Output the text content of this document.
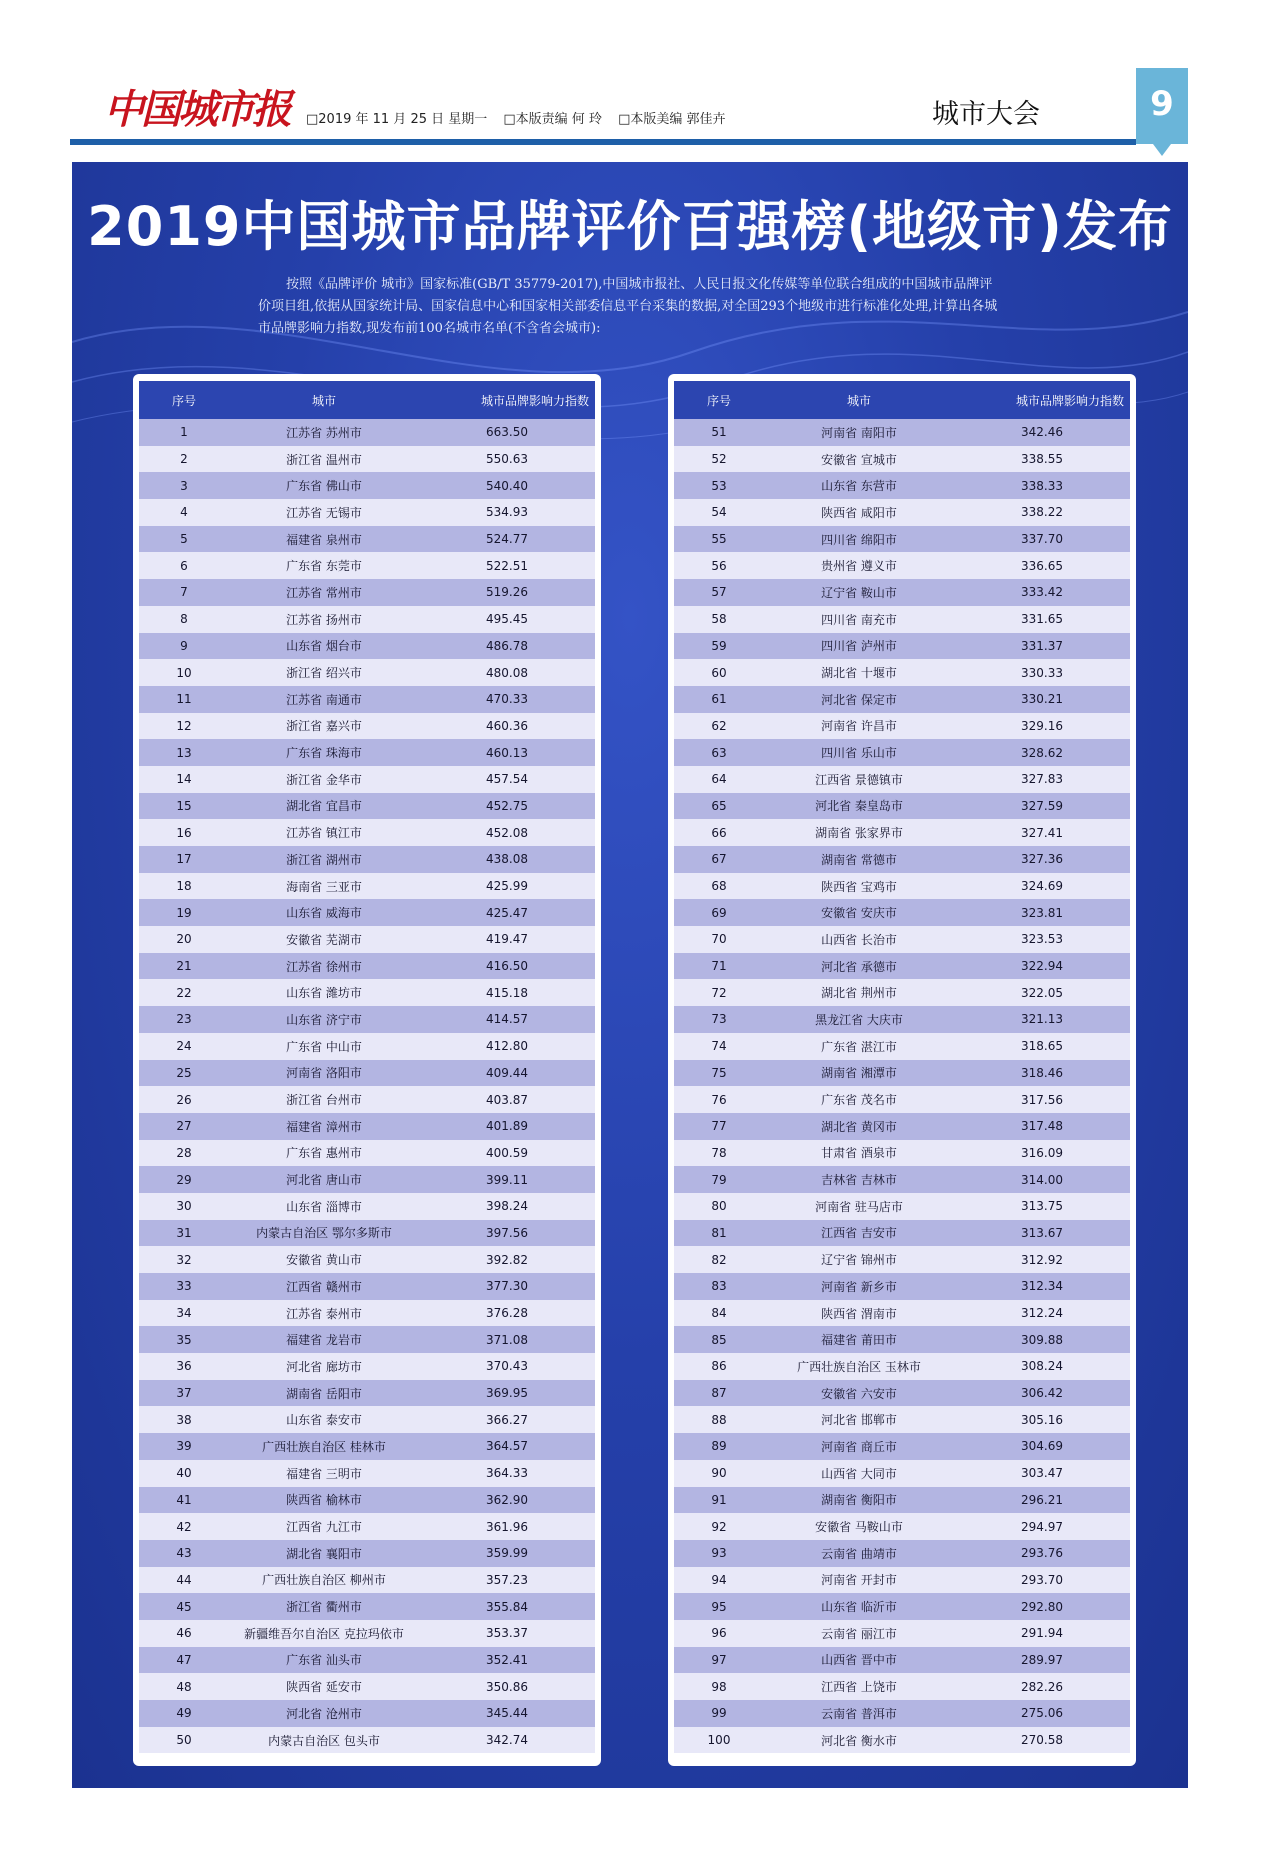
中国城市报 □2019 年 11 月 25 日 星期一 □本版责编 何 玲 □本版美编 郭佳卉	城市大会	9
2019中国城市品牌评价百强榜(地级市)发布

按照《品牌评价 城市》国家标准(GB/T 35779-2017),中国城市报社、人民日报文化传媒等单位联合组成的中国城市品牌评价项目组,依据从国家统计局、国家信息中心和国家相关部委信息平台采集的数据,对全国293个地级市进行标准化处理,计算出各城市品牌影响力指数,现发布前100名城市名单(不含省会城市):

序号	城市	城市品牌影响力指数
1	江苏省 苏州市	663.50
2	浙江省 温州市	550.63
3	广东省 佛山市	540.40
4	江苏省 无锡市	534.93
5	福建省 泉州市	524.77
6	广东省 东莞市	522.51
7	江苏省 常州市	519.26
8	江苏省 扬州市	495.45
9	山东省 烟台市	486.78
10	浙江省 绍兴市	480.08
11	江苏省 南通市	470.33
12	浙江省 嘉兴市	460.36
13	广东省 珠海市	460.13
14	浙江省 金华市	457.54
15	湖北省 宜昌市	452.75
16	江苏省 镇江市	452.08
17	浙江省 湖州市	438.08
18	海南省 三亚市	425.99
19	山东省 威海市	425.47
20	安徽省 芜湖市	419.47
21	江苏省 徐州市	416.50
22	山东省 潍坊市	415.18
23	山东省 济宁市	414.57
24	广东省 中山市	412.80
25	河南省 洛阳市	409.44
26	浙江省 台州市	403.87
27	福建省 漳州市	401.89
28	广东省 惠州市	400.59
29	河北省 唐山市	399.11
30	山东省 淄博市	398.24
31	内蒙古自治区 鄂尔多斯市	397.56
32	安徽省 黄山市	392.82
33	江西省 赣州市	377.30
34	江苏省 泰州市	376.28
35	福建省 龙岩市	371.08
36	河北省 廊坊市	370.43
37	湖南省 岳阳市	369.95
38	山东省 泰安市	366.27
39	广西壮族自治区 桂林市	364.57
40	福建省 三明市	364.33
41	陕西省 榆林市	362.90
42	江西省 九江市	361.96
43	湖北省 襄阳市	359.99
44	广西壮族自治区 柳州市	357.23
45	浙江省 衢州市	355.84
46	新疆维吾尔自治区 克拉玛依市	353.37
47	广东省 汕头市	352.41
48	陕西省 延安市	350.86
49	河北省 沧州市	345.44
50	内蒙古自治区 包头市	342.74
序号	城市	城市品牌影响力指数
51	河南省 南阳市	342.46
52	安徽省 宣城市	338.55
53	山东省 东营市	338.33
54	陕西省 咸阳市	338.22
55	四川省 绵阳市	337.70
56	贵州省 遵义市	336.65
57	辽宁省 鞍山市	333.42
58	四川省 南充市	331.65
59	四川省 泸州市	331.37
60	湖北省 十堰市	330.33
61	河北省 保定市	330.21
62	河南省 许昌市	329.16
63	四川省 乐山市	328.62
64	江西省 景德镇市	327.83
65	河北省 秦皇岛市	327.59
66	湖南省 张家界市	327.41
67	湖南省 常德市	327.36
68	陕西省 宝鸡市	324.69
69	安徽省 安庆市	323.81
70	山西省 长治市	323.53
71	河北省 承德市	322.94
72	湖北省 荆州市	322.05
73	黑龙江省 大庆市	321.13
74	广东省 湛江市	318.65
75	湖南省 湘潭市	318.46
76	广东省 茂名市	317.56
77	湖北省 黄冈市	317.48
78	甘肃省 酒泉市	316.09
79	吉林省 吉林市	314.00
80	河南省 驻马店市	313.75
81	江西省 吉安市	313.67
82	辽宁省 锦州市	312.92
83	河南省 新乡市	312.34
84	陕西省 渭南市	312.24
85	福建省 莆田市	309.88
86	广西壮族自治区 玉林市	308.24
87	安徽省 六安市	306.42
88	河北省 邯郸市	305.16
89	河南省 商丘市	304.69
90	山西省 大同市	303.47
91	湖南省 衡阳市	296.21
92	安徽省 马鞍山市	294.97
93	云南省 曲靖市	293.76
94	河南省 开封市	293.70
95	山东省 临沂市	292.80
96	云南省 丽江市	291.94
97	山西省 晋中市	289.97
98	江西省 上饶市	282.26
99	云南省 普洱市	275.06
100	河北省 衡水市	270.58
